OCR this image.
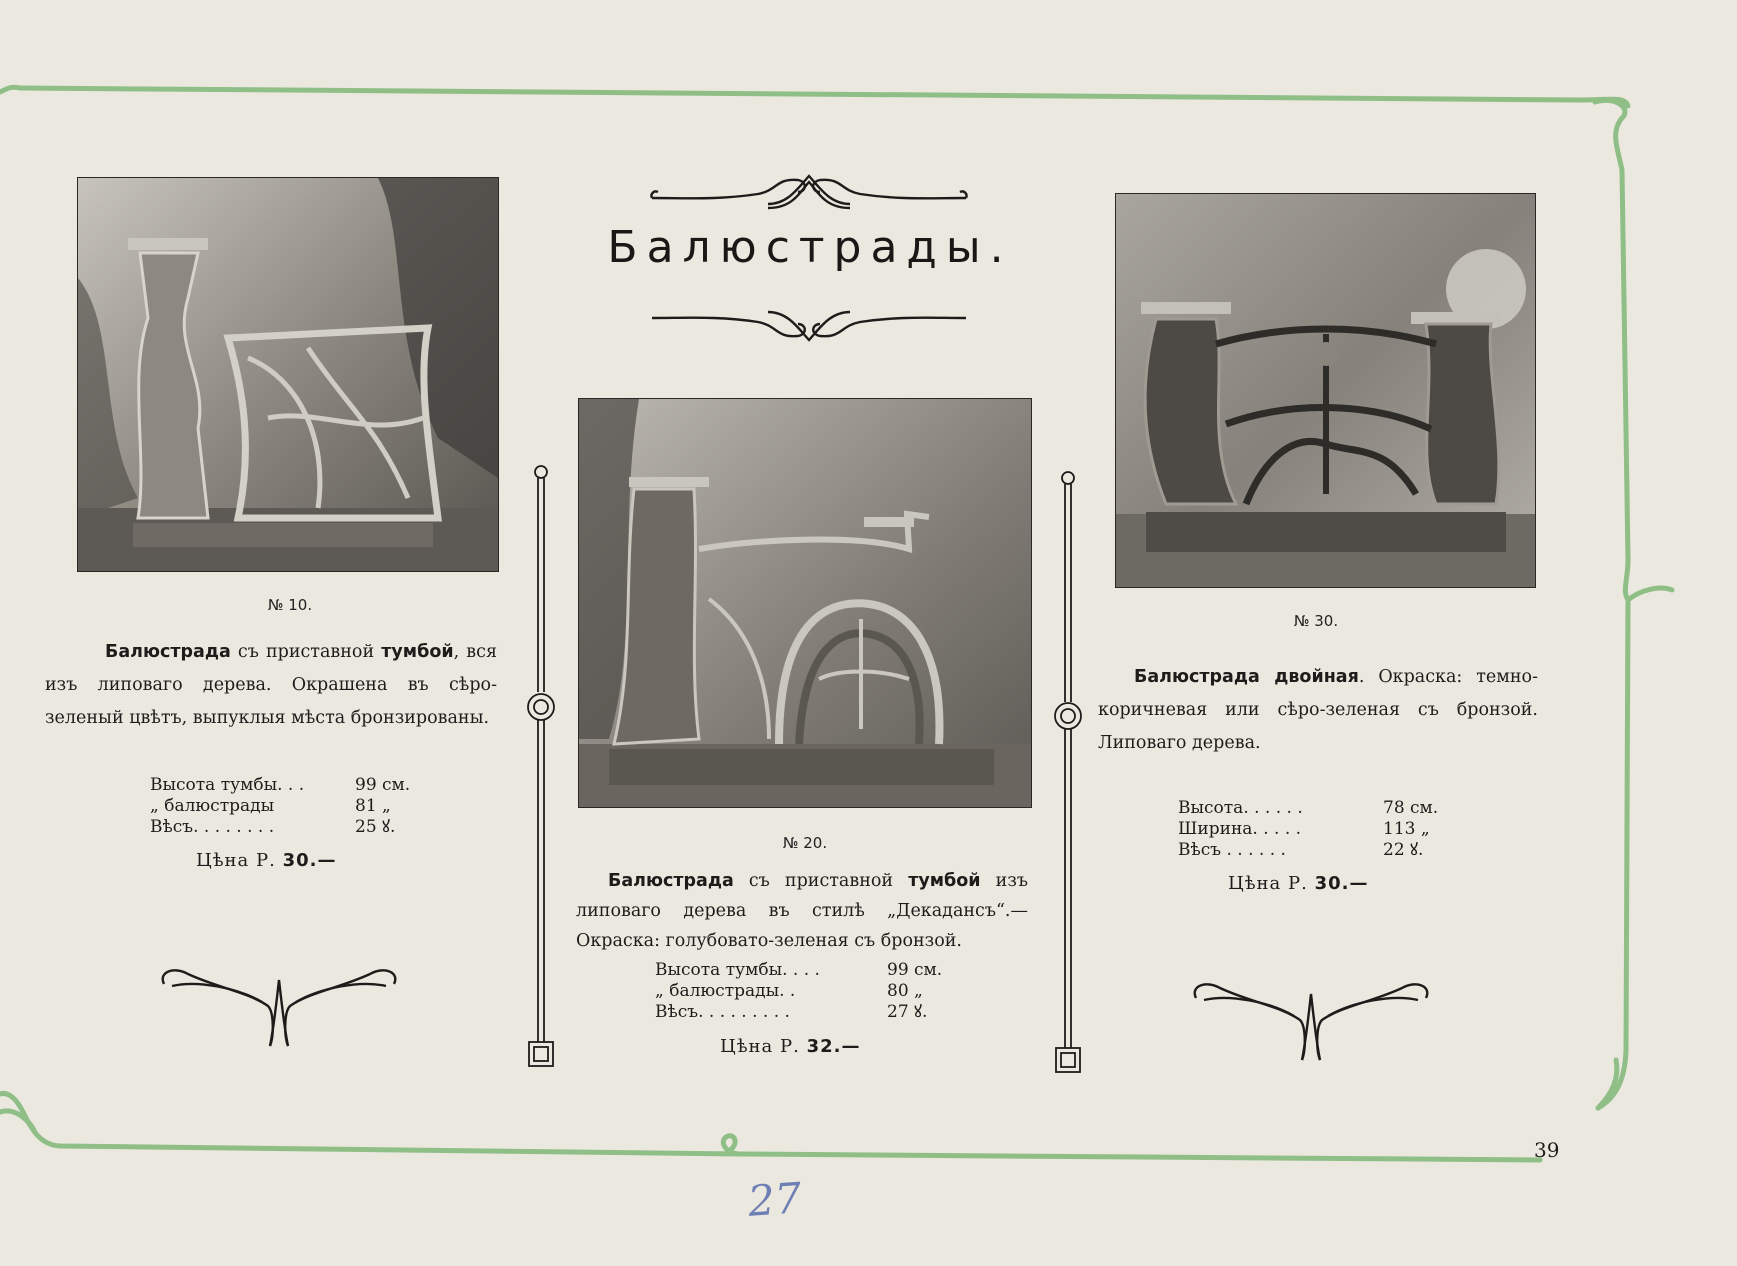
Балюстрады.
№ 10.
Балюстрада съ приставной тумбой, вся изъ липоваго дерева. Окрашена въ сѣро-зеленый цвѣтъ, выпуклыя мѣста бронзированы.
Высота тумбы. . .	99 см.
„ балюстрады	81 „
Вѣсъ. . . . . . . .	25 ꙋ.
Цѣна Р. 30.—
№ 20.
Балюстрада съ приставной тумбой изъ липоваго дерева въ стилѣ „Декадансъ“.— Окраска: голубовато-зеленая съ бронзой.
Высота тумбы. . . .	99 см.
„ балюстрады. .	80 „
Вѣсъ. . . . . . . . .	27 ꙋ.
Цѣна Р. 32.—
№ 30.
Балюстрада двойная. Окраска: темно-коричневая или сѣро-зеленая съ бронзой. Липоваго дерева.
Высота. . . . . .	78 см.
Ширина. . . . .	113 „
Вѣсъ . . . . . .	22 ꙋ.
Цѣна Р. 30.—
39
27
